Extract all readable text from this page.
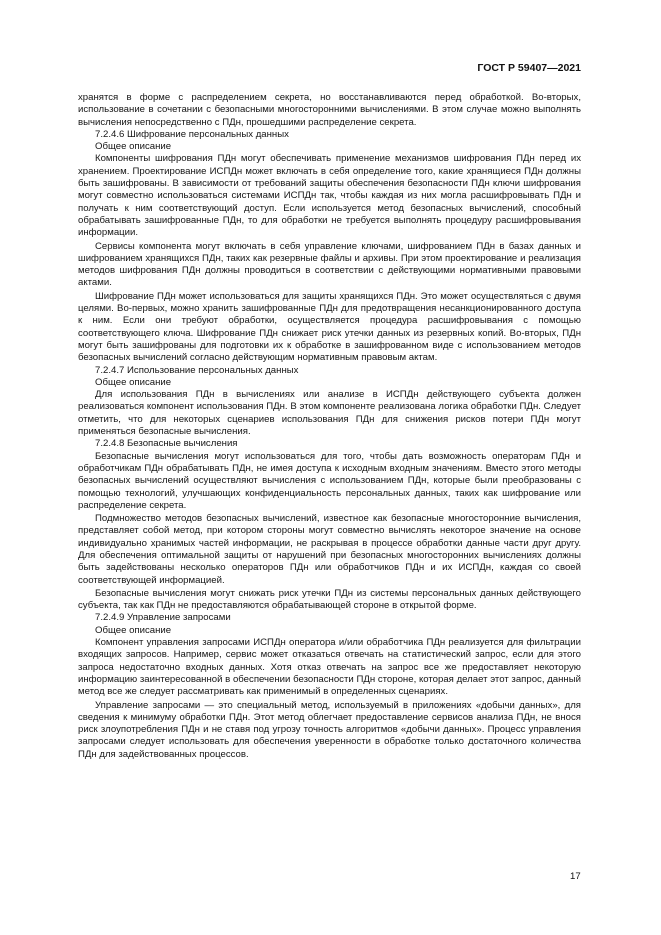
ГОСТ Р 59407—2021

хранятся в форме с распределением секрета, но восстанавливаются перед обработкой. Во-вторых, использование в сочетании с безопасными многосторонними вычислениями. В этом случае можно выполнять вычисления непосредственно с ПДн, прошедшими распределение секрета.

7.2.4.6 Шифрование персональных данных

Общее описание

Компоненты шифрования ПДн могут обеспечивать применение механизмов шифрования ПДн перед их хранением. Проектирование ИСПДн может включать в себя определение того, какие хранящиеся ПДн должны быть зашифрованы. В зависимости от требований защиты обеспечения безопасности ПДн ключи шифрования могут совместно использоваться системами ИСПДн так, чтобы каждая из них могла расшифровывать ПДн и получать к ним соответствующий доступ. Если используется метод безопасных вычислений, способный обрабатывать зашифрованные ПДн, то для обработки не требуется выполнять процедуру расшифровывания информации.

Сервисы компонента могут включать в себя управление ключами, шифрованием ПДн в базах данных и шифрованием хранящихся ПДн, таких как резервные файлы и архивы. При этом проектирование и реализация методов шифрования ПДн должны проводиться в соответствии с действующими нормативными правовыми актами.

Шифрование ПДн может использоваться для защиты хранящихся ПДн. Это может осуществляться с двумя целями. Во-первых, можно хранить зашифрованные ПДн для предотвращения несанкционированного доступа к ним. Если они требуют обработки, осуществляется процедура расшифровывания с помощью соответствующего ключа. Шифрование ПДн снижает риск утечки данных из резервных копий. Во-вторых, ПДн могут быть зашифрованы для подготовки их к обработке в зашифрованном виде с использованием методов безопасных вычислений согласно действующим нормативным правовым актам.

7.2.4.7 Использование персональных данных

Общее описание

Для использования ПДн в вычислениях или анализе в ИСПДн действующего субъекта должен реализоваться компонент использования ПДн. В этом компоненте реализована логика обработки ПДн. Следует отметить, что для некоторых сценариев использования ПДн для снижения рисков потери ПДн могут применяться безопасные вычисления.

7.2.4.8 Безопасные вычисления

Безопасные вычисления могут использоваться для того, чтобы дать возможность операторам ПДн и обработчикам ПДн обрабатывать ПДн, не имея доступа к исходным входным значениям. Вместо этого методы безопасных вычислений осуществляют вычисления с использованием ПДн, которые были преобразованы с помощью технологий, улучшающих конфиденциальность персональных данных, таких как шифрование или распределение секрета.

Подмножество методов безопасных вычислений, известное как безопасные многосторонние вычисления, представляет собой метод, при котором стороны могут совместно вычислять некоторое значение на основе индивидуально хранимых частей информации, не раскрывая в процессе обработки данные части друг другу. Для обеспечения оптимальной защиты от нарушений при безопасных многосторонних вычислениях должны быть задействованы несколько операторов ПДн или обработчиков ПДн и их ИСПДн, каждая со своей соответствующей информацией.

Безопасные вычисления могут снижать риск утечки ПДн из системы персональных данных действующего субъекта, так как ПДн не предоставляются обрабатывающей стороне в открытой форме.

7.2.4.9 Управление запросами

Общее описание

Компонент управления запросами ИСПДн оператора и/или обработчика ПДн реализуется для фильтрации входящих запросов. Например, сервис может отказаться отвечать на статистический запрос, если для этого запроса недостаточно входных данных. Хотя отказ отвечать на запрос все же предоставляет некоторую информацию заинтересованной в обеспечении безопасности ПДн стороне, которая делает этот запрос, данный метод все же следует рассматривать как применимый в определенных сценариях.

Управление запросами — это специальный метод, используемый в приложениях «добычи данных», для сведения к минимуму обработки ПДн. Этот метод облегчает предоставление сервисов анализа ПДн, не внося риск злоупотребления ПДн и не ставя под угрозу точность алгоритмов «добычи данных». Процесс управления запросами следует использовать для обеспечения уверенности в обработке только достаточного количества ПДн для задействованных процессов.

17
